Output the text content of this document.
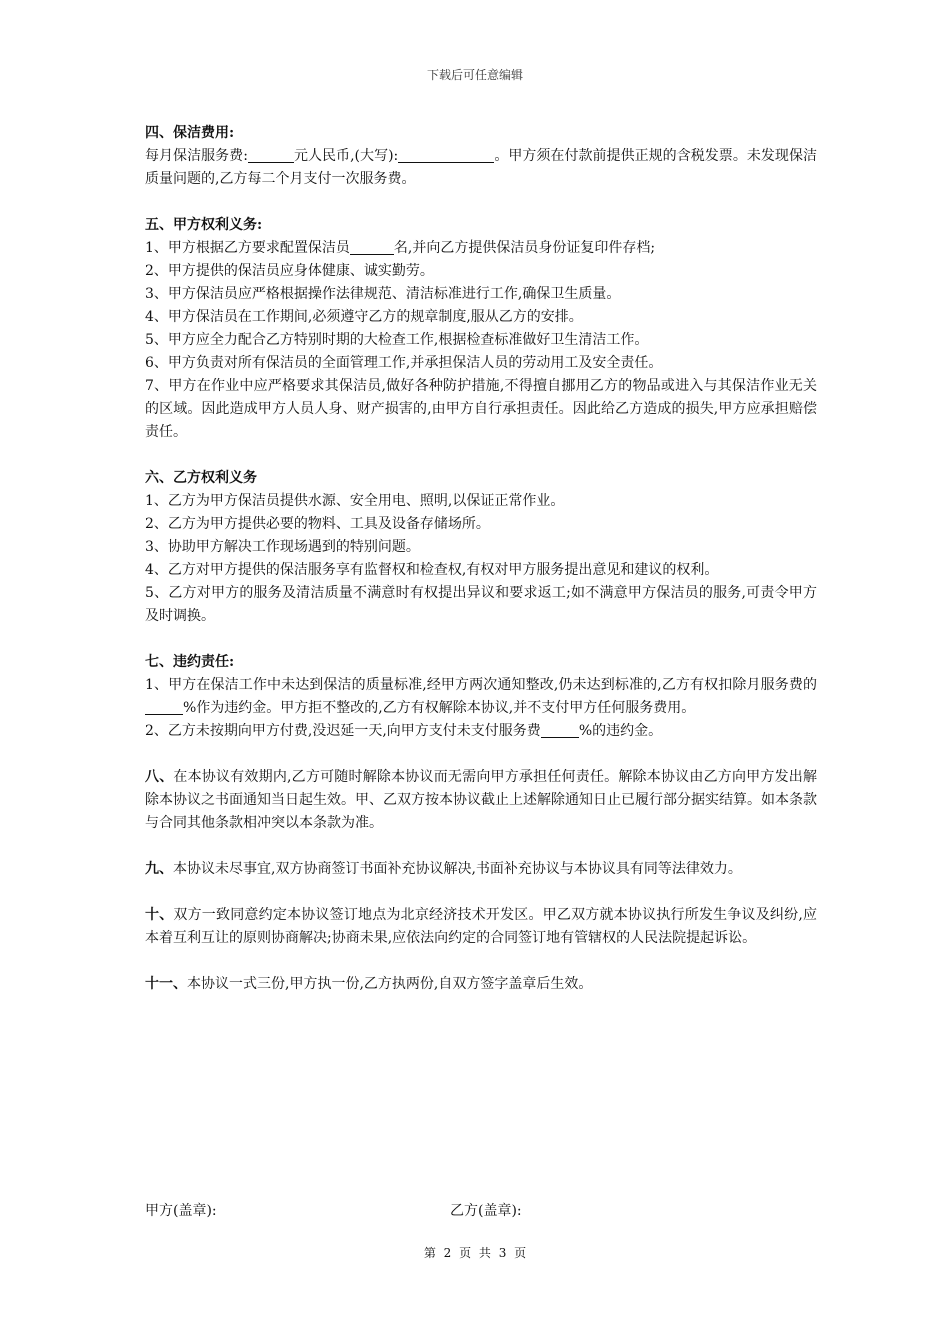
下载后可任意编辑
四、保洁费用:
每月保洁服务费:	元人民币,(大写):	。甲方须在付款前提供正规的含税发票。未发现保洁质量问题的,乙方每二个月支付一次服务费。
五、甲方权利义务:
1、甲方根据乙方要求配置保洁员	名,并向乙方提供保洁员身份证复印件存档;
2、甲方提供的保洁员应身体健康、诚实勤劳。
3、甲方保洁员应严格根据操作法律规范、清洁标准进行工作,确保卫生质量。
4、甲方保洁员在工作期间,必须遵守乙方的规章制度,服从乙方的安排。
5、甲方应全力配合乙方特别时期的大检查工作,根据检查标准做好卫生清洁工作。
6、甲方负责对所有保洁员的全面管理工作,并承担保洁人员的劳动用工及安全责任。
7、甲方在作业中应严格要求其保洁员,做好各种防护措施,不得擅自挪用乙方的物品或进入与其保洁作业无关的区域。因此造成甲方人员人身、财产损害的,由甲方自行承担责任。因此给乙方造成的损失,甲方应承担赔偿责任。
六、乙方权利义务
1、乙方为甲方保洁员提供水源、安全用电、照明,以保证正常作业。
2、乙方为甲方提供必要的物料、工具及设备存储场所。
3、协助甲方解决工作现场遇到的特别问题。
4、乙方对甲方提供的保洁服务享有监督权和检查权,有权对甲方服务提出意见和建议的权利。
5、乙方对甲方的服务及清洁质量不满意时有权提出异议和要求返工;如不满意甲方保洁员的服务,可责令甲方及时调换。
七、违约责任:
1、甲方在保洁工作中未达到保洁的质量标准,经甲方两次通知整改,仍未达到标准的,乙方有权扣除月服务费的%作为违约金。甲方拒不整改的,乙方有权解除本协议,并不支付甲方任何服务费用。
2、乙方未按期向甲方付费,没迟延一天,向甲方支付未支付服务费	%的违约金。
八、在本协议有效期内,乙方可随时解除本协议而无需向甲方承担任何责任。解除本协议由乙方向甲方发出解除本协议之书面通知当日起生效。甲、乙双方按本协议截止上述解除通知日止已履行部分据实结算。如本条款与合同其他条款相冲突以本条款为准。
九、本协议未尽事宜,双方协商签订书面补充协议解决,书面补充协议与本协议具有同等法律效力。
十、双方一致同意约定本协议签订地点为北京经济技术开发区。甲乙双方就本协议执行所发生争议及纠纷,应本着互利互让的原则协商解决;协商未果,应依法向约定的合同签订地有管辖权的人民法院提起诉讼。
十一、本协议一式三份,甲方执一份,乙方执两份,自双方签字盖章后生效。
甲方(盖章):	乙方(盖章):
第 2 页 共 3 页
